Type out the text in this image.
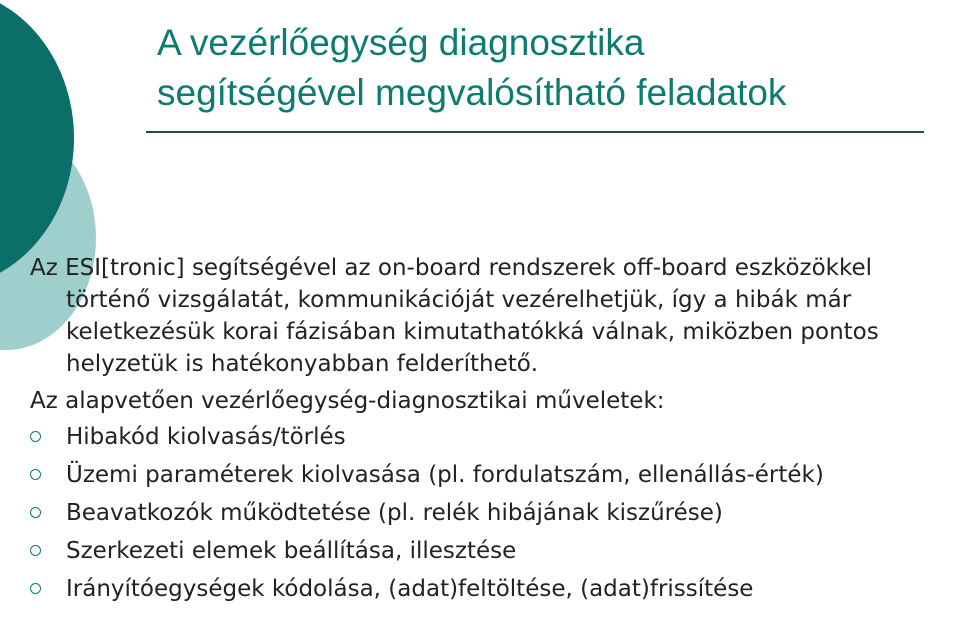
A vezérlőegység diagnosztika
segítségével megvalósítható feladatok

Az ESI[tronic] segítségével az on-board rendszerek off-board eszközökkel történő vizsgálatát, kommunikációját vezérelhetjük, így a hibák már keletkezésük korai fázisában kimutathatókká válnak, miközben pontos helyzetük is hatékonyabban felderíthető.

Az alapvetően vezérlőegység-diagnosztikai műveletek:

Hibakód kiolvasás/törlés
Üzemi paraméterek kiolvasása (pl. fordulatszám, ellenállás-érték)
Beavatkozók működtetése (pl. relék hibájának kiszűrése)
Szerkezeti elemek beállítása, illesztése
Irányítóegységek kódolása, (adat)feltöltése, (adat)frissítése
